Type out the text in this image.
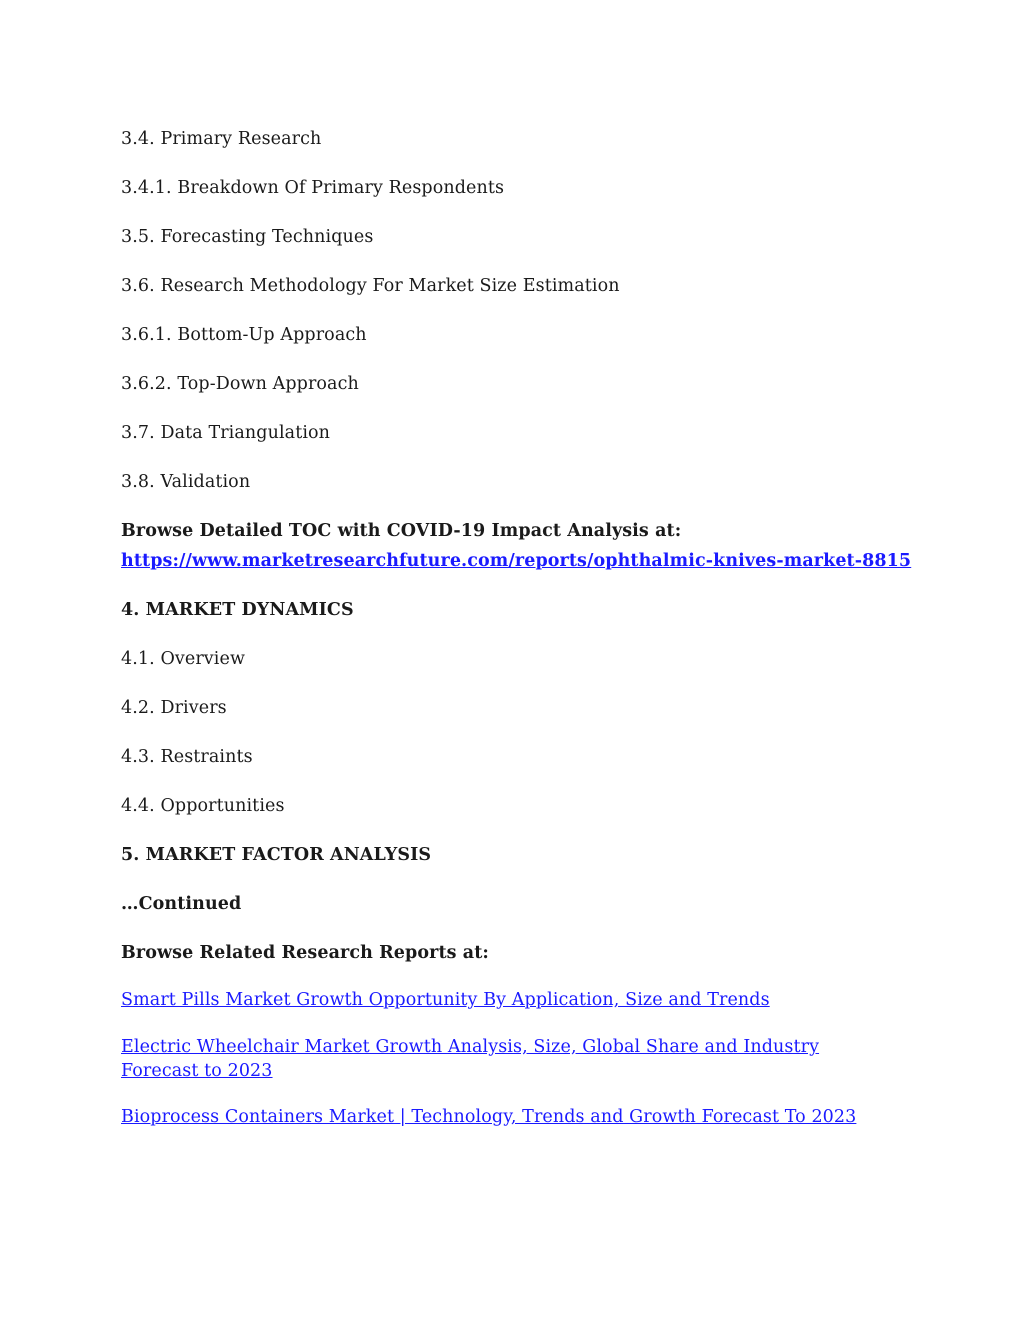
3.4. Primary Research
3.4.1. Breakdown Of Primary Respondents
3.5. Forecasting Techniques
3.6. Research Methodology For Market Size Estimation
3.6.1. Bottom-Up Approach
3.6.2. Top-Down Approach
3.7. Data Triangulation
3.8. Validation
Browse Detailed TOC with COVID-19 Impact Analysis at:
https://www.marketresearchfuture.com/reports/ophthalmic-knives-market-8815
4. MARKET DYNAMICS
4.1. Overview
4.2. Drivers
4.3. Restraints
4.4. Opportunities
5. MARKET FACTOR ANALYSIS
…Continued
Browse Related Research Reports at:
Smart Pills Market Growth Opportunity By Application, Size and Trends
Electric Wheelchair Market Growth Analysis, Size, Global Share and Industry Forecast to 2023
Bioprocess Containers Market | Technology, Trends and Growth Forecast To 2023
